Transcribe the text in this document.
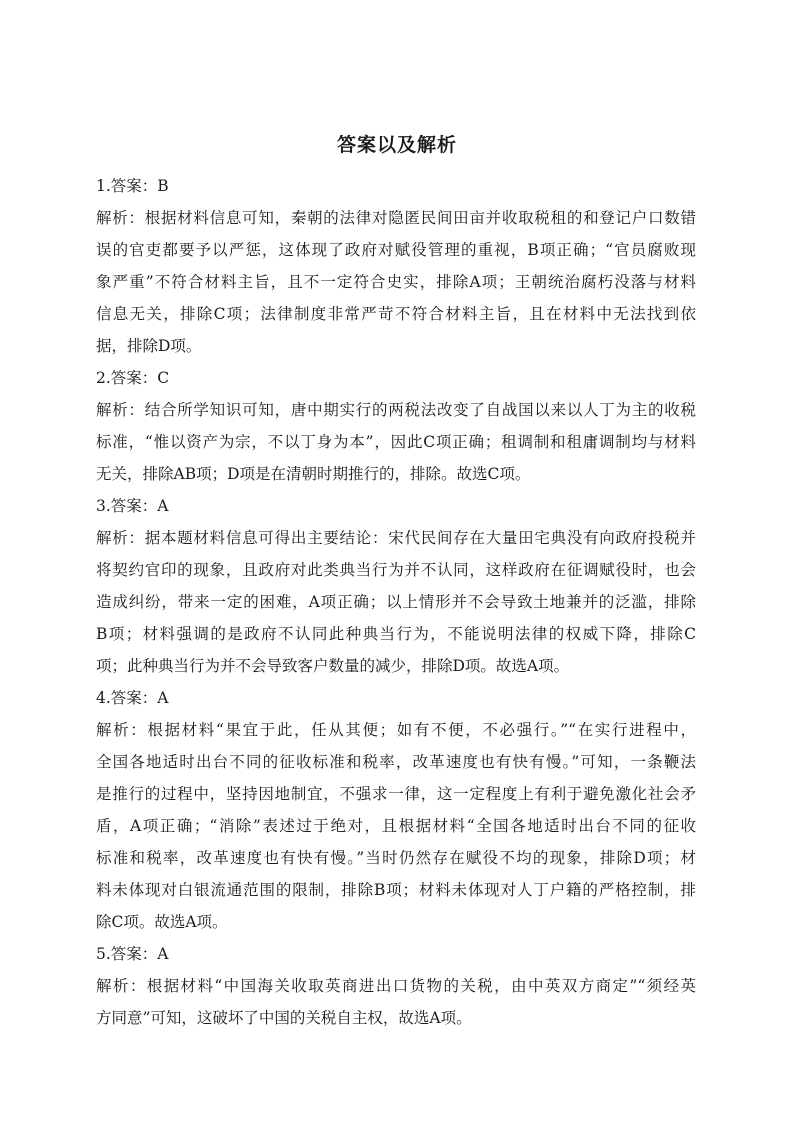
答案以及解析
1.答案：B
解析：根据材料信息可知，秦朝的法律对隐匿民间田亩并收取税租的和登记户口数错
误的官吏都要予以严惩，这体现了政府对赋役管理的重视，B项正确；“官员腐败现
象严重”不符合材料主旨，且不一定符合史实，排除A项；王朝统治腐朽没落与材料
信息无关，排除C项；法律制度非常严苛不符合材料主旨，且在材料中无法找到依
据，排除D项。
2.答案：C
解析：结合所学知识可知，唐中期实行的两税法改变了自战国以来以人丁为主的收税
标准，“惟以资产为宗，不以丁身为本”，因此C项正确；租调制和租庸调制均与材料
无关，排除AB项；D项是在清朝时期推行的，排除。故选C项。
3.答案：A
解析：据本题材料信息可得出主要结论：宋代民间存在大量田宅典没有向政府投税并
将契约官印的现象，且政府对此类典当行为并不认同，这样政府在征调赋役时，也会
造成纠纷，带来一定的困难，A项正确；以上情形并不会导致土地兼并的泛滥，排除
B项；材料强调的是政府不认同此种典当行为，不能说明法律的权威下降，排除C
项；此种典当行为并不会导致客户数量的减少，排除D项。故选A项。
4.答案：A
解析：根据材料“果宜于此，任从其便；如有不便，不必强行。”“在实行进程中，
全国各地适时出台不同的征收标准和税率，改革速度也有快有慢。”可知，一条鞭法
是推行的过程中，坚持因地制宜，不强求一律，这一定程度上有利于避免激化社会矛
盾，A项正确；“消除”表述过于绝对，且根据材料“全国各地适时出台不同的征收
标准和税率，改革速度也有快有慢。”当时仍然存在赋役不均的现象，排除D项；材
料未体现对白银流通范围的限制，排除B项；材料未体现对人丁户籍的严格控制，排
除C项。故选A项。
5.答案：A
解析：根据材料“中国海关收取英商进出口货物的关税，由中英双方商定”“须经英
方同意”可知，这破坏了中国的关税自主权，故选A项。
